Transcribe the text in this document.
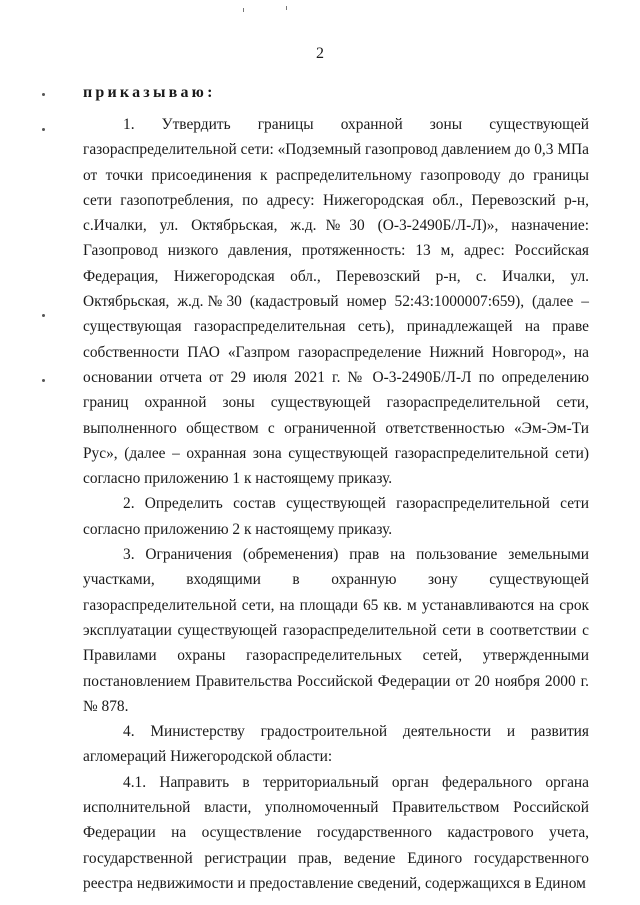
2
приказываю:

1. Утвердить границы охранной зоны существующей газораспределительной сети: «Подземный газопровод давлением до 0,3 МПа от точки присоединения к распределительному газопроводу до границы сети газопотребления, по адресу: Нижегородская обл., Перевозский р-н, с.Ичалки, ул. Октябрьская, ж.д.№30 (О-3-2490Б/Л-Л)», назначение: Газопровод низкого давления, протяженность: 13 м, адрес: Российская Федерация, Нижегородская обл., Перевозский р-н, с. Ичалки, ул. Октябрьская, ж.д.№30 (кадастровый номер 52:43:1000007:659), (далее – существующая газораспределительная сеть), принадлежащей на праве собственности ПАО «Газпром газораспределение Нижний Новгород», на основании отчета от 29 июля 2021 г. № О-3-2490Б/Л-Л по определению границ охранной зоны существующей газораспределительной сети, выполненного обществом с ограниченной ответственностью «Эм-Эм-Ти Рус», (далее – охранная зона существующей газораспределительной сети) согласно приложению 1 к настоящему приказу.

2. Определить состав существующей газораспределительной сети согласно приложению 2 к настоящему приказу.

3. Ограничения (обременения) прав на пользование земельными участками, входящими в охранную зону существующей газораспределительной сети, на площади 65 кв. м устанавливаются на срок эксплуатации существующей газораспределительной сети в соответствии с Правилами охраны газораспределительных сетей, утвержденными постановлением Правительства Российской Федерации от 20 ноября 2000 г. № 878.

4. Министерству градостроительной деятельности и развития агломераций Нижегородской области:

4.1. Направить в территориальный орган федерального органа исполнительной власти, уполномоченный Правительством Российской Федерации на осуществление государственного кадастрового учета, государственной регистрации прав, ведение Единого государственного реестра недвижимости и предоставление сведений, содержащихся в Едином
